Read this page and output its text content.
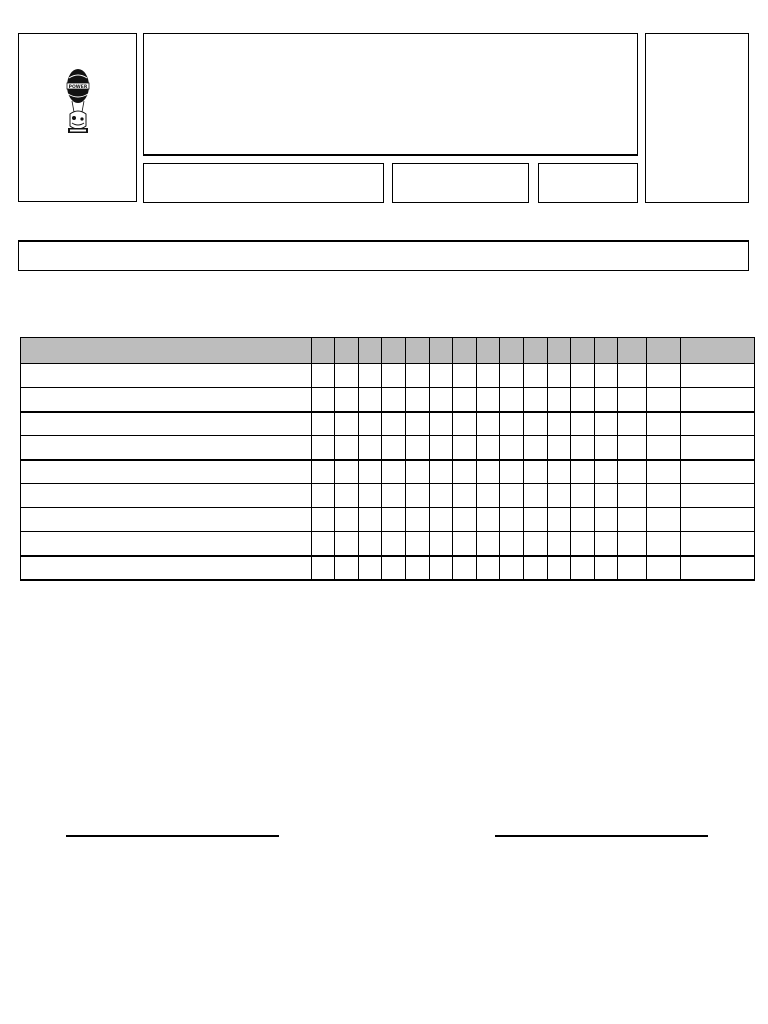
POWER
